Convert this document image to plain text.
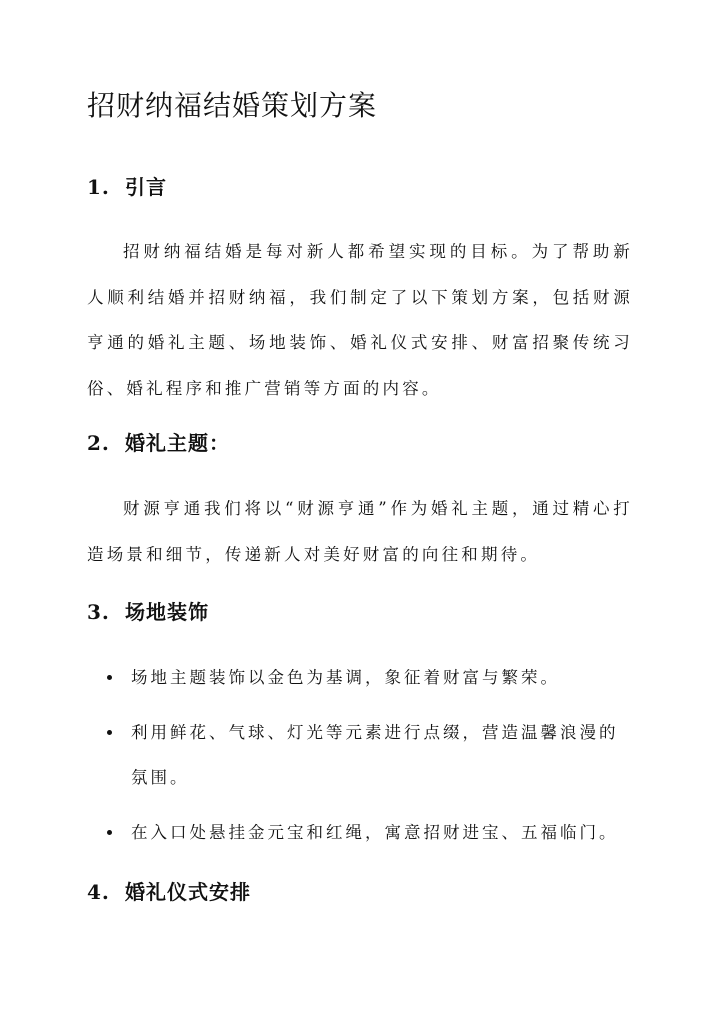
招财纳福结婚策划方案
1. 引言

招财纳福结婚是每对新人都希望实现的目标。为了帮助新人顺利结婚并招财纳福，我们制定了以下策划方案，包括财源亨通的婚礼主题、场地装饰、婚礼仪式安排、财富招聚传统习俗、婚礼程序和推广营销等方面的内容。

2. 婚礼主题：

财源亨通我们将以“财源亨通”作为婚礼主题，通过精心打造场景和细节，传递新人对美好财富的向往和期待。

3. 场地装饰
场地主题装饰以金色为基调，象征着财富与繁荣。
利用鲜花、气球、灯光等元素进行点缀，营造温馨浪漫的氛围。
在入口处悬挂金元宝和红绳，寓意招财进宝、五福临门。
4. 婚礼仪式安排
